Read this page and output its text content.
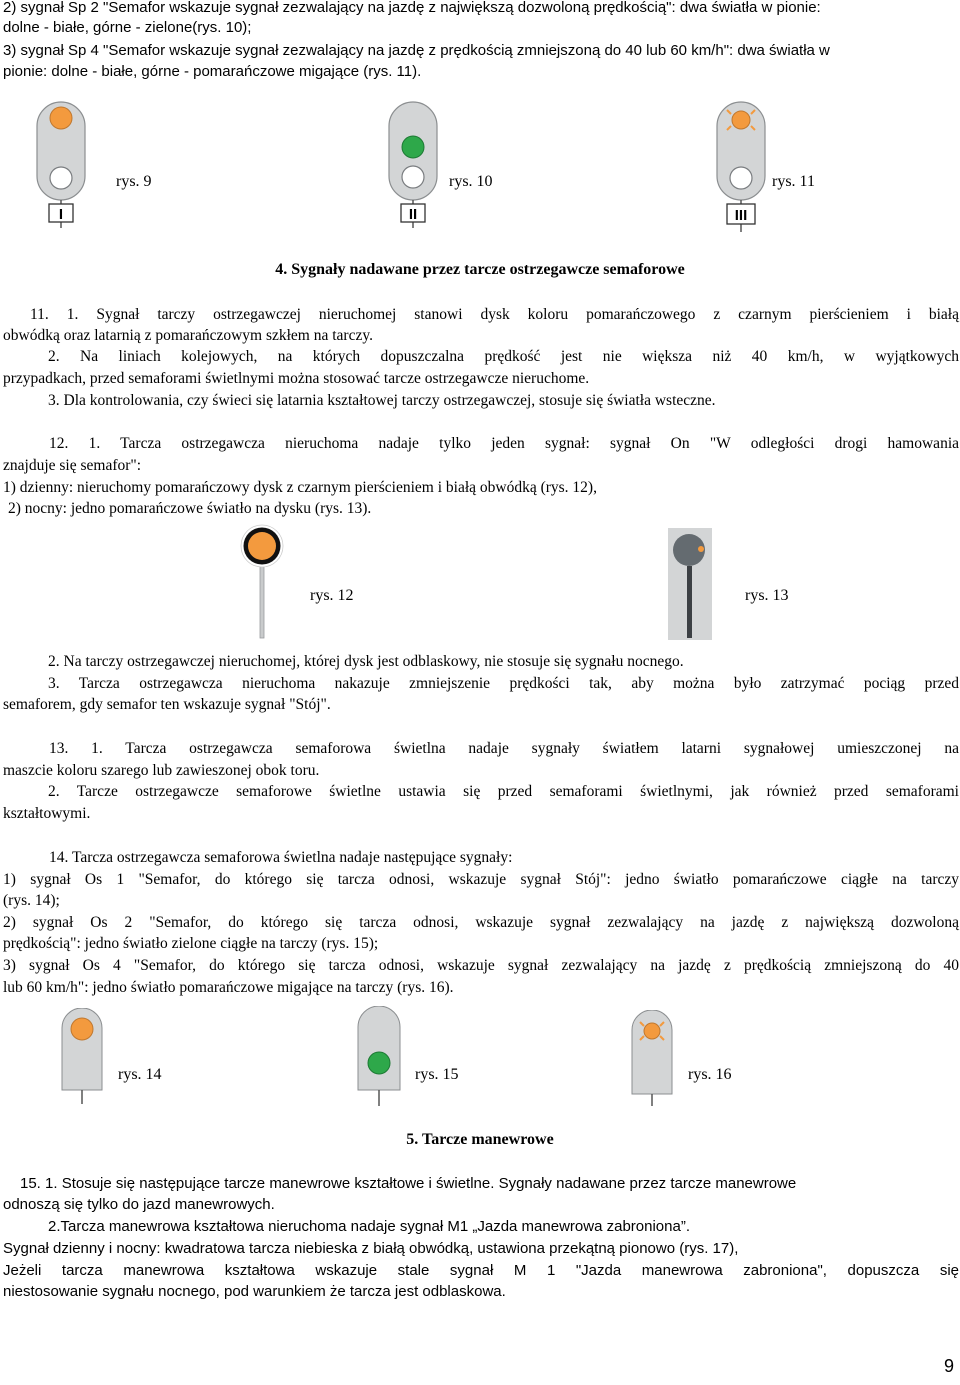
2) sygnał Sp 2 "Semafor wskazuje sygnał zezwalający na jazdę z największą dozwoloną prędkością": dwa światła w pionie:
dolne - białe, górne - zielone(rys. 10);
3) sygnał Sp 4 "Semafor wskazuje sygnał zezwalający na jazdę z prędkością zmniejszoną do 40 lub 60 km/h": dwa światła w
pionie: dolne - białe, górne - pomarańczowe migające (rys. 11).
I
rys. 9
II
rys. 10
III
rys. 11
4. Sygnały nadawane przez tarcze ostrzegawcze semaforowe
11. 1. Sygnał tarczy ostrzegawczej nieruchomej stanowi dysk koloru pomarańczowego z czarnym pierścieniem i białą
obwódką oraz latarnią z pomarańczowym szkłem na tarczy.
2. Na liniach kolejowych, na których dopuszczalna prędkość jest nie większa niż 40 km/h, w wyjątkowych
przypadkach, przed semaforami świetlnymi można stosować tarcze ostrzegawcze nieruchome.
3. Dla kontrolowania, czy świeci się latarnia kształtowej tarczy ostrzegawczej, stosuje się światła wsteczne.
12. 1. Tarcza ostrzegawcza nieruchoma nadaje tylko jeden sygnał: sygnał On "W odległości drogi hamowania
znajduje się semafor":
1) dzienny: nieruchomy pomarańczowy dysk z czarnym pierścieniem i białą obwódką (rys. 12),
2) nocny: jedno pomarańczowe światło na dysku (rys. 13).
rys. 12	rys. 13
2. Na tarczy ostrzegawczej nieruchomej, której dysk jest odblaskowy, nie stosuje się sygnału nocnego.
3. Tarcza ostrzegawcza nieruchoma nakazuje zmniejszenie prędkości tak, aby można było zatrzymać pociąg przed
semaforem, gdy semafor ten wskazuje sygnał "Stój".
13. 1. Tarcza ostrzegawcza semaforowa świetlna nadaje sygnały światłem latarni sygnałowej umieszczonej na
maszcie koloru szarego lub zawieszonej obok toru.
2. Tarcze ostrzegawcze semaforowe świetlne ustawia się przed semaforami świetlnymi, jak również przed semaforami
kształtowymi.
14. Tarcza ostrzegawcza semaforowa świetlna nadaje następujące sygnały:
1) sygnał Os 1 "Semafor, do którego się tarcza odnosi, wskazuje sygnał Stój": jedno światło pomarańczowe ciągłe na tarczy
(rys. 14);
2) sygnał Os 2 "Semafor, do którego się tarcza odnosi, wskazuje sygnał zezwalający na jazdę z największą dozwoloną
prędkością": jedno światło zielone ciągłe na tarczy (rys. 15);
3) sygnał Os 4 "Semafor, do którego się tarcza odnosi, wskazuje sygnał zezwalający na jazdę z prędkością zmniejszoną do 40
lub 60 km/h": jedno światło pomarańczowe migające na tarczy (rys. 16).
rys. 14	rys. 15	rys. 16
5. Tarcze manewrowe
15. 1. Stosuje się następujące tarcze manewrowe kształtowe i świetlne. Sygnały nadawane przez tarcze manewrowe
odnoszą się tylko do jazd manewrowych.
2.Tarcza manewrowa kształtowa nieruchoma nadaje sygnał M1 „Jazda manewrowa zabroniona”.
Sygnał dzienny i nocny: kwadratowa tarcza niebieska z białą obwódką, ustawiona przekątną pionowo (rys. 17),
Jeżeli tarcza manewrowa kształtowa wskazuje stale sygnał M 1 "Jazda manewrowa zabroniona", dopuszcza się
niestosowanie sygnału nocnego, pod warunkiem że tarcza jest odblaskowa.
9
